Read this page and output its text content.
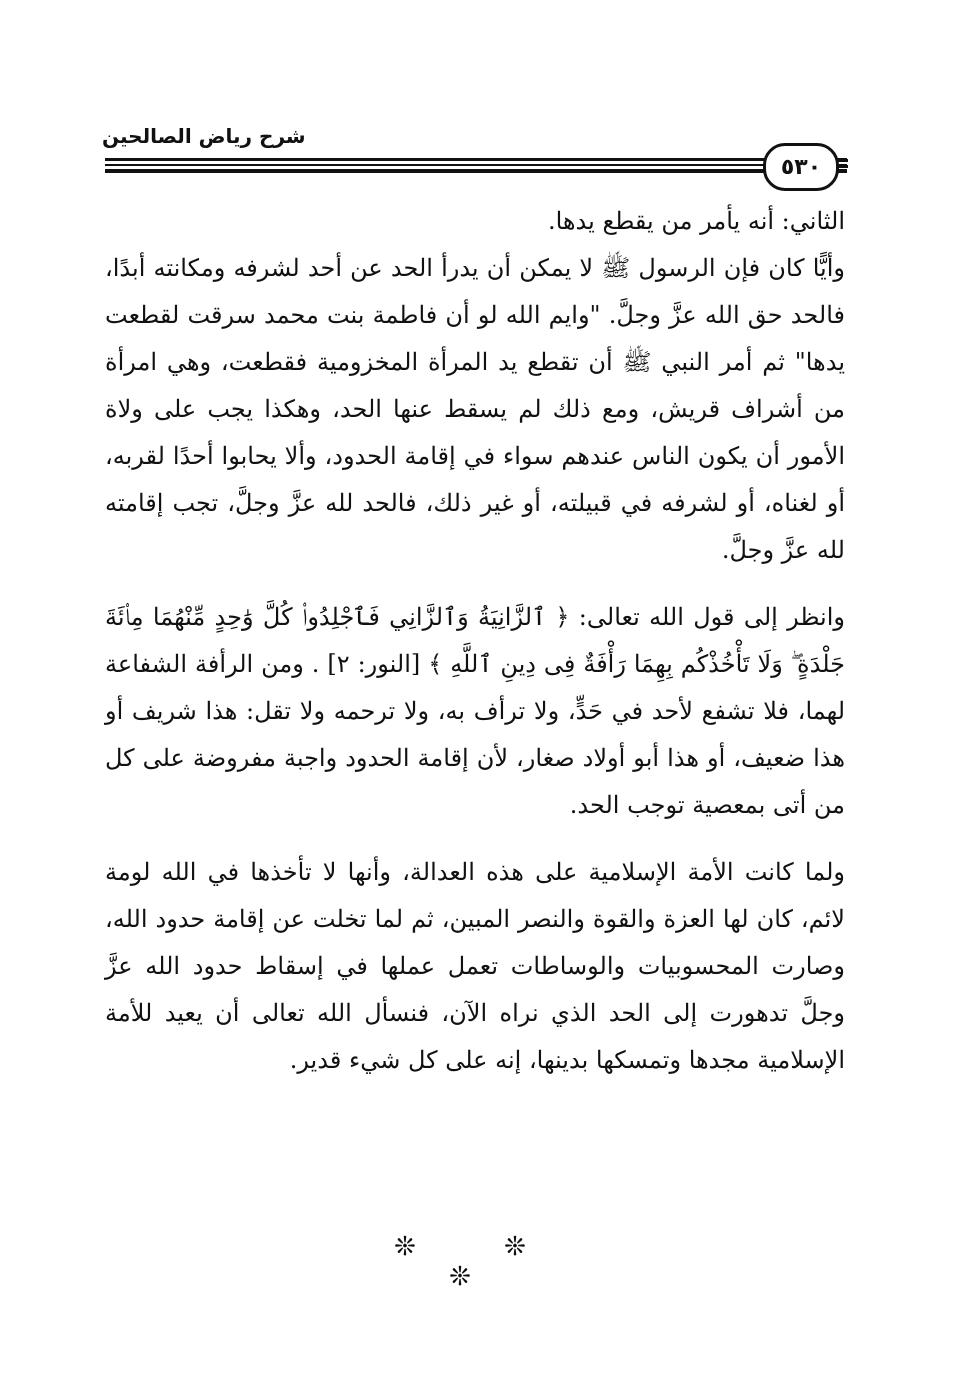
شرح رياض الصالحين
٥٣٠

الثاني: أنه يأمر من يقطع يدها.

وأيًّا كان فإن الرسول ﷺ لا يمكن أن يدرأ الحد عن أحد لشرفه ومكانته أبدًا، فالحد حق الله عزَّ وجلَّ. "وايم الله لو أن فاطمة بنت محمد سرقت لقطعت يدها" ثم أمر النبي ﷺ أن تقطع يد المرأة المخزومية فقطعت، وهي امرأة من أشراف قريش، ومع ذلك لم يسقط عنها الحد، وهكذا يجب على ولاة الأمور أن يكون الناس عندهم سواء في إقامة الحدود، وألا يحابوا أحدًا لقربه، أو لغناه، أو لشرفه في قبيلته، أو غير ذلك، فالحد لله عزَّ وجلَّ، تجب إقامته لله عزَّ وجلَّ.

وانظر إلى قول الله تعالى: ﴿ ٱلزَّانِيَةُ وَٱلزَّانِي فَٱجْلِدُوا۟ كُلَّ وَٰحِدٍ مِّنْهُمَا مِا۟ئَةَ جَلْدَةٍ ۖ وَلَا تَأْخُذْكُم بِهِمَا رَأْفَةٌ فِى دِينِ ٱللَّهِ ﴾ [النور: ٢] . ومن الرأفة الشفاعة لهما، فلا تشفع لأحد في حَدٍّ، ولا ترأف به، ولا ترحمه ولا تقل: هذا شريف أو هذا ضعيف، أو هذا أبو أولاد صغار، لأن إقامة الحدود واجبة مفروضة على كل من أتى بمعصية توجب الحد.

ولما كانت الأمة الإسلامية على هذه العدالة، وأنها لا تأخذها في الله لومة لائم، كان لها العزة والقوة والنصر المبين، ثم لما تخلت عن إقامة حدود الله، وصارت المحسوبيات والوساطات تعمل عملها في إسقاط حدود الله عزَّ وجلَّ تدهورت إلى الحد الذي نراه الآن، فنسأل الله تعالى أن يعيد للأمة الإسلامية مجدها وتمسكها بدينها، إنه على كل شيء قدير.

❊ ❊ ❊
